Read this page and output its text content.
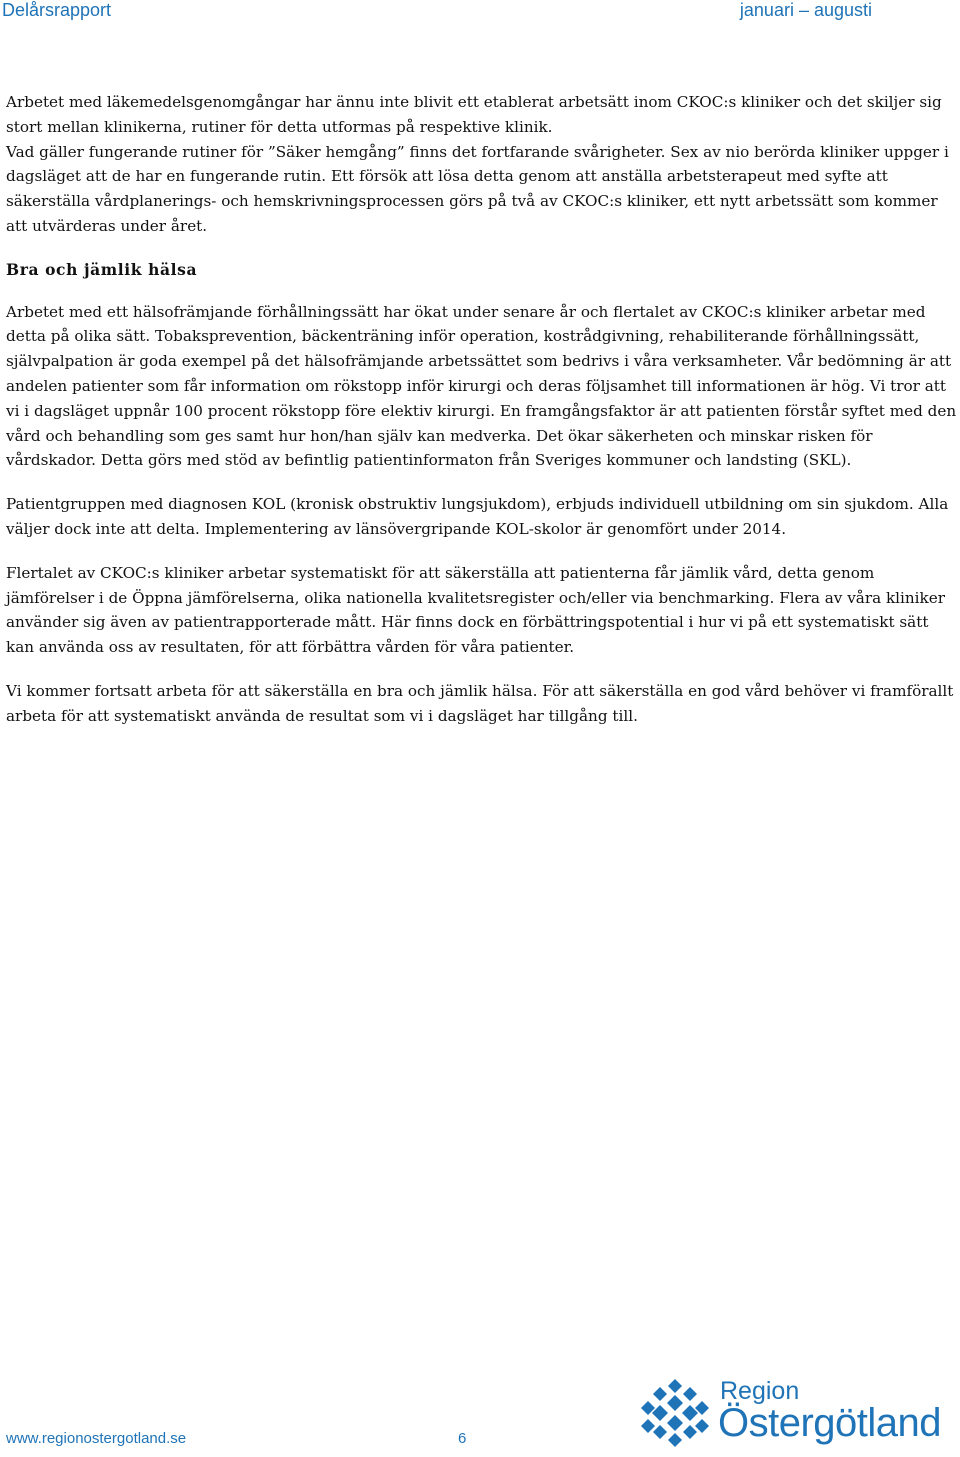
Delårsrapport	januari – augusti

Arbetet med läkemedelsgenomgångar har ännu inte blivit ett etablerat arbetsätt inom CKOC:s kliniker och det skiljer sig stort mellan klinikerna, rutiner för detta utformas på respektive klinik.

Vad gäller fungerande rutiner för ”Säker hemgång” finns det fortfarande svårigheter. Sex av nio berörda kliniker uppger i dagsläget att de har en fungerande rutin. Ett försök att lösa detta genom att anställa arbetsterapeut med syfte att säkerställa vårdplanerings- och hemskrivningsprocessen görs på två av CKOC:s kliniker, ett nytt arbetssätt som kommer att utvärderas under året.

Bra och jämlik hälsa

Arbetet med ett hälsofrämjande förhållningssätt har ökat under senare år och flertalet av CKOC:s kliniker arbetar med detta på olika sätt. Tobaksprevention, bäckenträning inför operation, kostrådgivning, rehabiliterande förhållningssätt, självpalpation är goda exempel på det hälsofrämjande arbetssättet som bedrivs i våra verksamheter. Vår bedömning är att andelen patienter som får information om rökstopp inför kirurgi och deras följsamhet till informationen är hög. Vi tror att vi i dagsläget uppnår 100 procent rökstopp före elektiv kirurgi. En framgångsfaktor är att patienten förstår syftet med den vård och behandling som ges samt hur hon/han själv kan medverka. Det ökar säkerheten och minskar risken för vårdskador. Detta görs med stöd av befintlig patientinformaton från Sveriges kommuner och landsting (SKL).

Patientgruppen med diagnosen KOL (kronisk obstruktiv lungsjukdom), erbjuds individuell utbildning om sin sjukdom. Alla väljer dock inte att delta. Implementering av länsövergripande KOL-skolor är genomfört under 2014.

Flertalet av CKOC:s kliniker arbetar systematiskt för att säkerställa att patienterna får jämlik vård, detta genom jämförelser i de Öppna jämförelserna, olika nationella kvalitetsregister och/eller via benchmarking. Flera av våra kliniker använder sig även av patientrapporterade mått. Här finns dock en förbättringspotential i hur vi på ett systematiskt sätt kan använda oss av resultaten, för att förbättra vården för våra patienter.

Vi kommer fortsatt arbeta för att säkerställa en bra och jämlik hälsa. För att säkerställa en god vård behöver vi framförallt arbeta för att systematiskt använda de resultat som vi i dagsläget har tillgång till.

www.regionostergotland.se	6
Region
Östergötland
